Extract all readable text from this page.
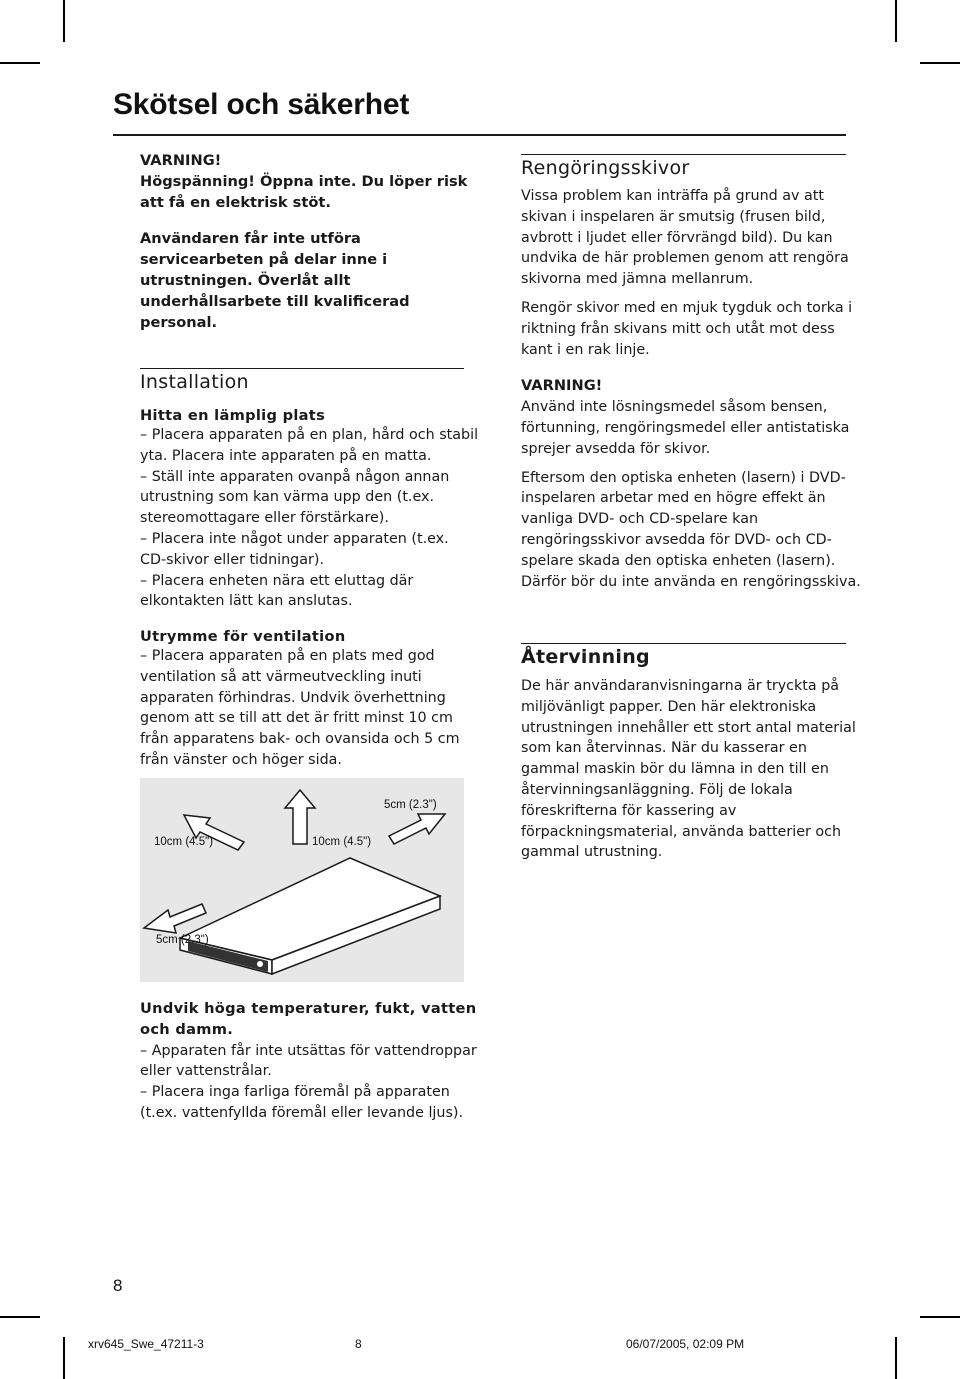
Skötsel och säkerhet

VARNING!

Högspänning! Öppna inte. Du löper risk

att få en elektrisk stöt.

Användaren får inte utföra

servicearbeten på delar inne i

utrustningen. Överlåt allt

underhållsarbete till kvalificerad

personal.

Installation

Hitta en lämplig plats

– Placera apparaten på en plan, hård och stabil

yta. Placera inte apparaten på en matta.

– Ställ inte apparaten ovanpå någon annan

utrustning som kan värma upp den (t.ex.

stereomottagare eller förstärkare).

– Placera inte något under apparaten (t.ex.

CD-skivor eller tidningar).

– Placera enheten nära ett eluttag där

elkontakten lätt kan anslutas.

Utrymme för ventilation

– Placera apparaten på en plats med god

ventilation så att värmeutveckling inuti

apparaten förhindras. Undvik överhettning

genom att se till att det är fritt minst 10 cm

från apparatens bak- och ovansida och 5 cm

från vänster och höger sida.

10cm (4.5")	10cm (4.5")
5cm (2.3")
5cm (2.3")

Undvik höga temperaturer, fukt, vatten

och damm.

– Apparaten får inte utsättas för vattendroppar

eller vattenstrålar.

– Placera inga farliga föremål på apparaten

(t.ex. vattenfyllda föremål eller levande ljus).

Rengöringsskivor

Vissa problem kan inträffa på grund av att

skivan i inspelaren är smutsig (frusen bild,

avbrott i ljudet eller förvrängd bild). Du kan

undvika de här problemen genom att rengöra

skivorna med jämna mellanrum.

Rengör skivor med en mjuk tygduk och torka i

riktning från skivans mitt och utåt mot dess

kant i en rak linje.

VARNING!

Använd inte lösningsmedel såsom bensen,

förtunning, rengöringsmedel eller antistatiska

sprejer avsedda för skivor.

Eftersom den optiska enheten (lasern) i DVD-

inspelaren arbetar med en högre effekt än

vanliga DVD- och CD-spelare kan

rengöringsskivor avsedda för DVD- och CD-

spelare skada den optiska enheten (lasern).

Därför bör du inte använda en rengöringsskiva.

Återvinning

De här användaranvisningarna är tryckta på

miljövänligt papper. Den här elektroniska

utrustningen innehåller ett stort antal material

som kan återvinnas. När du kasserar en

gammal maskin bör du lämna in den till en

återvinningsanläggning. Följ de lokala

föreskrifterna för kassering av

förpackningsmaterial, använda batterier och

gammal utrustning.

8
xrv645_Swe_47211-3	8	06/07/2005, 02:09 PM
